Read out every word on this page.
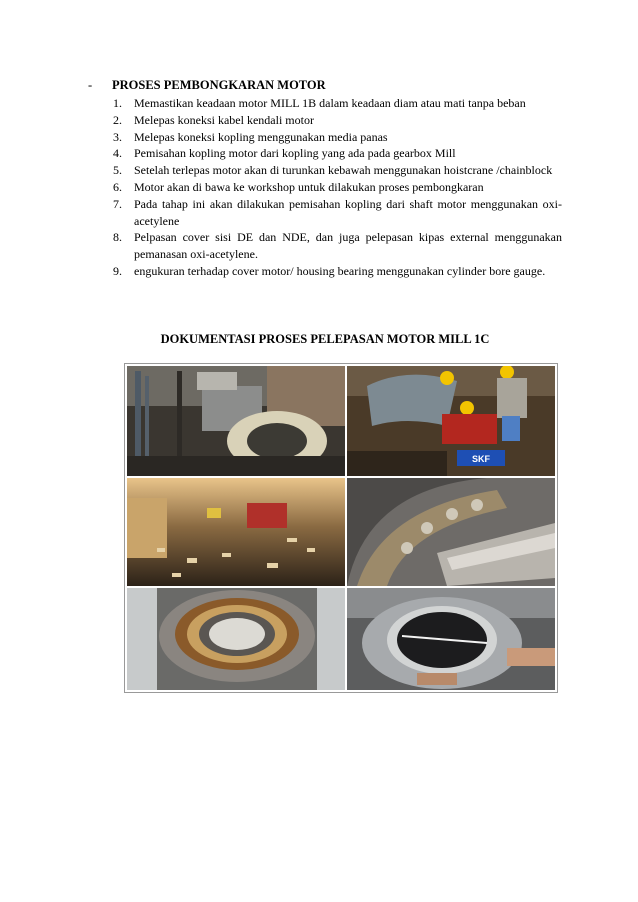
-	PROSES PEMBONGKARAN MOTOR
1.	Memastikan keadaan motor MILL 1B dalam keadaan diam atau mati tanpa beban
2.	Melepas koneksi kabel kendali motor
3.	Melepas koneksi kopling menggunakan media panas
4.	Pemisahan kopling motor dari kopling yang ada pada gearbox Mill
5.	Setelah terlepas motor akan di turunkan kebawah menggunakan hoistcrane /chainblock
6.	Motor akan di bawa ke workshop untuk dilakukan proses pembongkaran
7.	Pada tahap ini akan dilakukan pemisahan kopling dari shaft motor menggunakan oxi-acetylene
8.	Pelpasan cover sisi DE dan NDE, dan juga pelepasan kipas external menggunakan pemanasan oxi-acetylene.
9.	engukuran terhadap cover motor/ housing bearing menggunakan cylinder bore gauge.
DOKUMENTASI PROSES PELEPASAN MOTOR MILL 1C
SKF
